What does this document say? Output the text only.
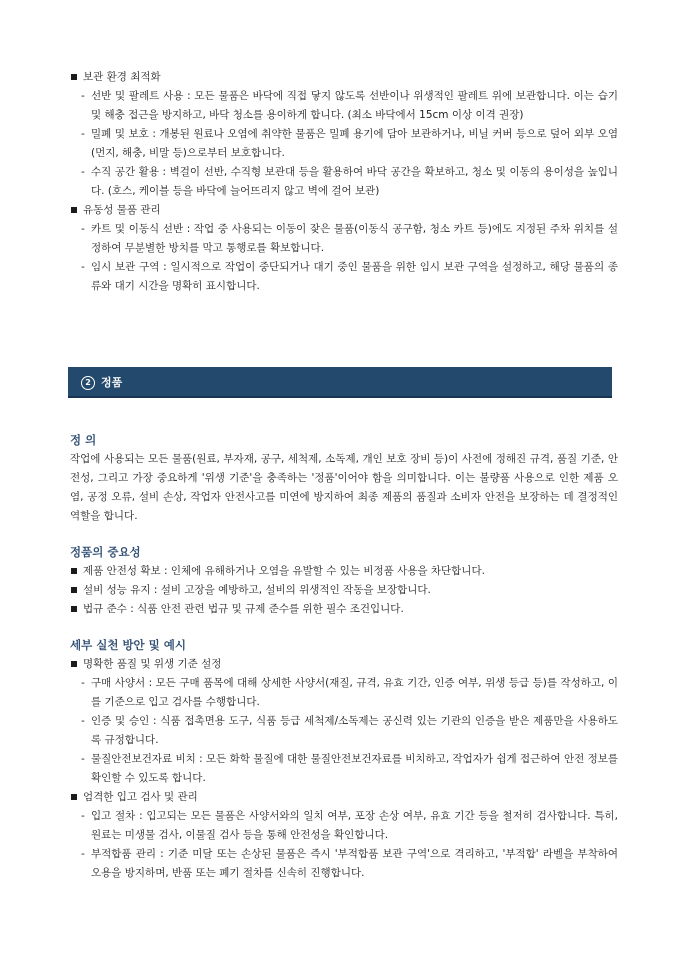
보관 환경 최적화
- 선반 및 팔레트 사용 : 모든 물품은 바닥에 직접 닿지 않도록 선반이나 위생적인 팔레트 위에 보관합니다. 이는 습기 및 해충 접근을 방지하고, 바닥 청소를 용이하게 합니다. (최소 바닥에서 15cm 이상 이격 권장)
- 밀폐 및 보호 : 개봉된 원료나 오염에 취약한 물품은 밀폐 용기에 담아 보관하거나, 비닐 커버 등으로 덮어 외부 오염(먼지, 해충, 비말 등)으로부터 보호합니다.
- 수직 공간 활용 : 벽걸이 선반, 수직형 보관대 등을 활용하여 바닥 공간을 확보하고, 청소 및 이동의 용이성을 높입니다. (호스, 케이블 등을 바닥에 늘어뜨리지 않고 벽에 걸어 보관)
유동성 물품 관리
- 카트 및 이동식 선반 : 작업 중 사용되는 이동이 잦은 물품(이동식 공구함, 청소 카트 등)에도 지정된 주차 위치를 설정하여 무분별한 방치를 막고 통행로를 확보합니다.
- 임시 보관 구역 : 일시적으로 작업이 중단되거나 대기 중인 물품을 위한 임시 보관 구역을 설정하고, 해당 물품의 종류와 대기 시간을 명확히 표시합니다.
2 정품
정 의
작업에 사용되는 모든 물품(원료, 부자재, 공구, 세척제, 소독제, 개인 보호 장비 등)이 사전에 정해진 규격, 품질 기준, 안전성, 그리고 가장 중요하게 '위생 기준'을 충족하는 '정품'이어야 함을 의미합니다. 이는 불량품 사용으로 인한 제품 오염, 공정 오류, 설비 손상, 작업자 안전사고를 미연에 방지하여 최종 제품의 품질과 소비자 안전을 보장하는 데 결정적인 역할을 합니다.
정품의 중요성
제품 안전성 확보 : 인체에 유해하거나 오염을 유발할 수 있는 비정품 사용을 차단합니다.
설비 성능 유지 : 설비 고장을 예방하고, 설비의 위생적인 작동을 보장합니다.
법규 준수 : 식품 안전 관련 법규 및 규제 준수를 위한 필수 조건입니다.
세부 실천 방안 및 예시
명확한 품질 및 위생 기준 설정
- 구매 사양서 : 모든 구매 품목에 대해 상세한 사양서(재질, 규격, 유효 기간, 인증 여부, 위생 등급 등)를 작성하고, 이를 기준으로 입고 검사를 수행합니다.
- 인증 및 승인 : 식품 접촉면용 도구, 식품 등급 세척제/소독제는 공신력 있는 기관의 인증을 받은 제품만을 사용하도록 규정합니다.
- 물질안전보건자료 비치 : 모든 화학 물질에 대한 물질안전보건자료를 비치하고, 작업자가 쉽게 접근하여 안전 정보를 확인할 수 있도록 합니다.
엄격한 입고 검사 및 관리
- 입고 절차 : 입고되는 모든 물품은 사양서와의 일치 여부, 포장 손상 여부, 유효 기간 등을 철저히 검사합니다. 특히, 원료는 미생물 검사, 이물질 검사 등을 통해 안전성을 확인합니다.
- 부적합품 관리 : 기준 미달 또는 손상된 물품은 즉시 '부적합품 보관 구역'으로 격리하고, '부적합' 라벨을 부착하여 오용을 방지하며, 반품 또는 폐기 절차를 신속히 진행합니다.
